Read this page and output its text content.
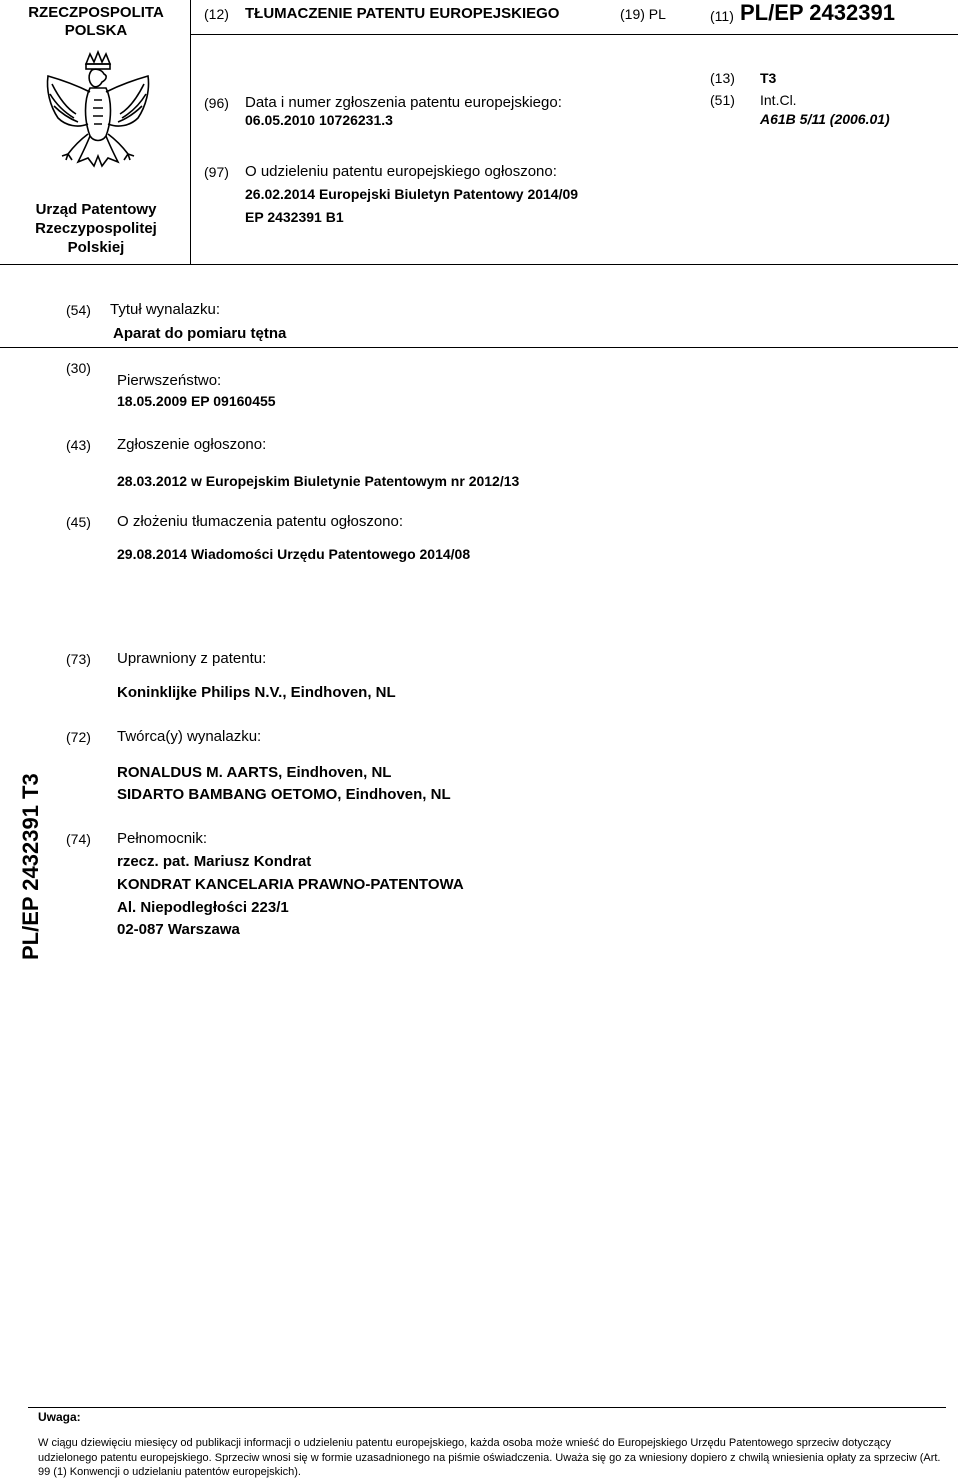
RZECZPOSPOLITA
POLSKA
(12) TŁUMACZENIE PATENTU EUROPEJSKIEGO	(19) PL	(11) PL/EP 2432391
Urząd Patentowy
Rzeczypospolitej
Polskiej
(96) Data i numer zgłoszenia patentu europejskiego:
06.05.2010 10726231.3
(13) T3
(51) Int.Cl.
A61B 5/11 (2006.01)
(97) O udzieleniu patentu europejskiego ogłoszono:
26.02.2014 Europejski Biuletyn Patentowy 2014/09
EP 2432391 B1
(54) Tytuł wynalazku:
Aparat do pomiaru tętna
(30)
Pierwszeństwo:
18.05.2009 EP 09160455
(43) Zgłoszenie ogłoszono:
28.03.2012 w Europejskim Biuletynie Patentowym nr 2012/13
(45) O złożeniu tłumaczenia patentu ogłoszono:
29.08.2014 Wiadomości Urzędu Patentowego 2014/08
(73) Uprawniony z patentu:
Koninklijke Philips N.V., Eindhoven, NL
(72) Twórca(y) wynalazku:
RONALDUS M. AARTS, Eindhoven, NL
SIDARTO BAMBANG OETOMO, Eindhoven, NL
(74) Pełnomocnik:
rzecz. pat. Mariusz Kondrat
KONDRAT KANCELARIA PRAWNO-PATENTOWA
Al. Niepodległości 223/1
02-087 Warszawa
PL/EP 2432391 T3
Uwaga:
W ciągu dziewięciu miesięcy od publikacji informacji o udzieleniu patentu europejskiego, każda osoba może wnieść do Europejskiego Urzędu Patentowego sprzeciw dotyczący udzielonego patentu europejskiego. Sprzeciw wnosi się w formie uzasadnionego na piśmie oświadczenia. Uważa się go za wniesiony dopiero z chwilą wniesienia opłaty za sprzeciw (Art. 99 (1) Konwencji o udzielaniu patentów europejskich).
